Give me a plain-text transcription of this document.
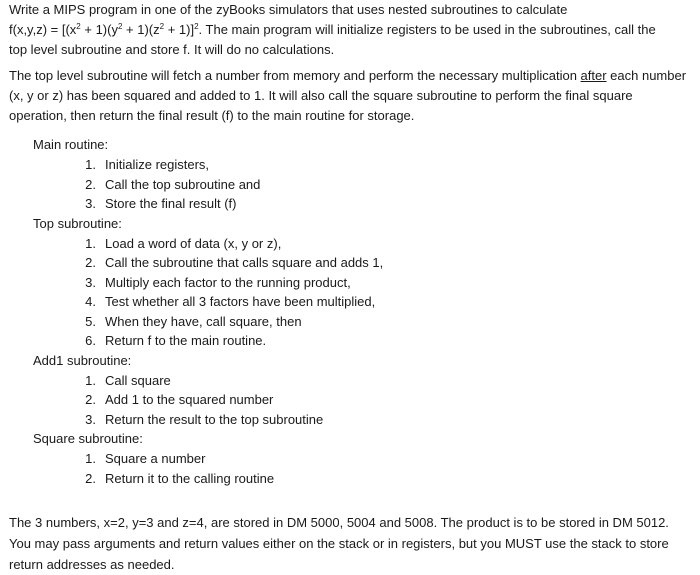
Write a MIPS program in one of the zyBooks simulators that uses nested subroutines to calculate
$f(x,y,z) = [(x^2 + 1)(y^2 + 1)(z^2 + 1)]^2$. The main program will initialize registers to be used in the subroutines, call the
top level subroutine and store f. It will do no calculations.

The top level subroutine will fetch a number from memory and perform the necessary multiplication after each number (x, y or z) has been squared and added to 1. It will also call the square subroutine to perform the final square operation, then return the final result (f) to the main routine for storage.

Main routine:
1. Initialize registers,
2. Call the top subroutine and
3. Store the final result (f)
Top subroutine:
1. Load a word of data (x, y or z),
2. Call the subroutine that calls square and adds 1,
3. Multiply each factor to the running product,
4. Test whether all 3 factors have been multiplied,
5. When they have, call square, then
6. Return f to the main routine.
Add1 subroutine:
1. Call square
2. Add 1 to the squared number
3. Return the result to the top subroutine
Square subroutine:
1. Square a number
2. Return it to the calling routine

The 3 numbers, x=2, y=3 and z=4, are stored in DM 5000, 5004 and 5008. The product is to be stored in DM 5012. You may pass arguments and return values either on the stack or in registers, but you MUST use the stack to store return addresses as needed.
